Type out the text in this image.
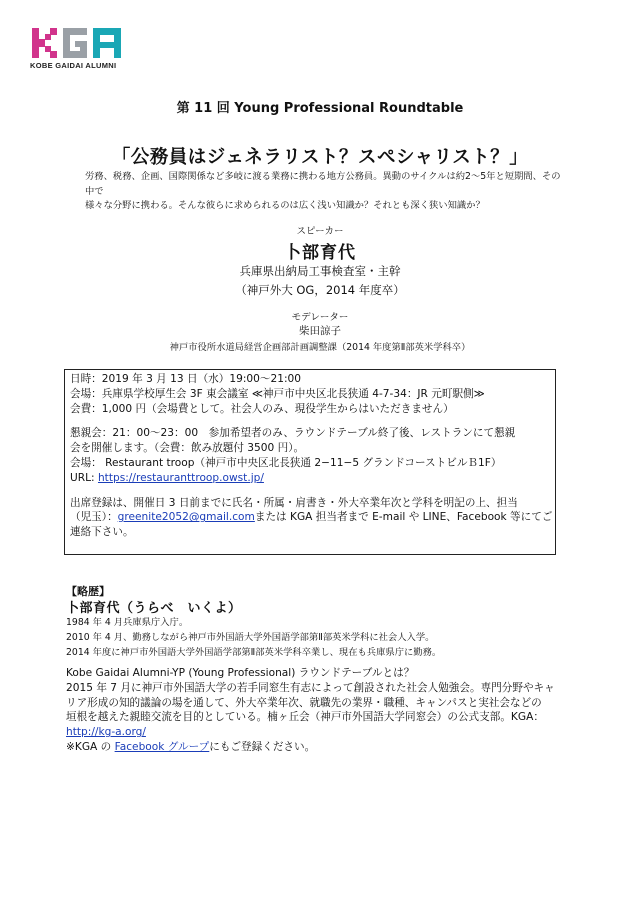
KOBE GAIDAI ALUMNI
第 11 回 Young Professional Roundtable
「公務員はジェネラリスト？スペシャリスト？」
労務、税務、企画、国際関係など多岐に渡る業務に携わる地方公務員。異動のサイクルは約2～5年と短期間、その中で
様々な分野に携わる。そんな彼らに求められるのは広く浅い知識か？それとも深く狭い知識か？
スピーカー
卜部育代
兵庫県出納局工事検査室・主幹
（神戸外大 OG，2014 年度卒）
モデレーター
柴田諒子
神戸市役所水道局経営企画部計画調整課（2014 年度第Ⅱ部英米学科卒）
日時：2019 年 3 月 13 日（水）19:00～21:00
会場：兵庫県学校厚生会 3F 東会議室 ≪神戸市中央区北長狭通 4-7-34：JR 元町駅側≫
会費：1,000 円（会場費として。社会人のみ、現役学生からはいただきません）
懇親会：21：00～23：00　参加希望者のみ、ラウンドテーブル終了後、レストランにて懇親
会を開催します。（会費：飲み放題付 3500 円）。
会場： Restaurant troop（神戸市中央区北長狭通 2−11−5 グランドコーストビルＢ1F）
URL: https://restauranttroop.owst.jp/
出席登録は、開催日 3 日前までに氏名・所属・肩書き・外大卒業年次と学科を明記の上、担当
（児玉）：greenite2052@gmail.comまたは KGA 担当者まで E-mail や LINE、Facebook 等にてご
連絡下さい。
【略歴】
卜部育代（うらべ　いくよ）
1984 年 4 月兵庫県庁入庁。
2010 年 4 月、勤務しながら神戸市外国語大学外国語学部第Ⅱ部英米学科に社会人入学。
2014 年度に神戸市外国語大学外国語学部第Ⅱ部英米学科卒業し、現在も兵庫県庁に勤務。
Kobe Gaidai Alumni-YP (Young Professional) ラウンドテーブルとは？
2015 年 7 月に神戸市外国語大学の若手同窓生有志によって創設された社会人勉強会。専門分野やキャ
リア形成の知的議論の場を通して、外大卒業年次、就職先の業界・職種、キャンパスと実社会などの
垣根を越えた親睦交流を目的としている。楠ヶ丘会（神戸市外国語大学同窓会）の公式支部。KGA：
http://kg-a.org/
※KGA の Facebook グループにもご登録ください。
